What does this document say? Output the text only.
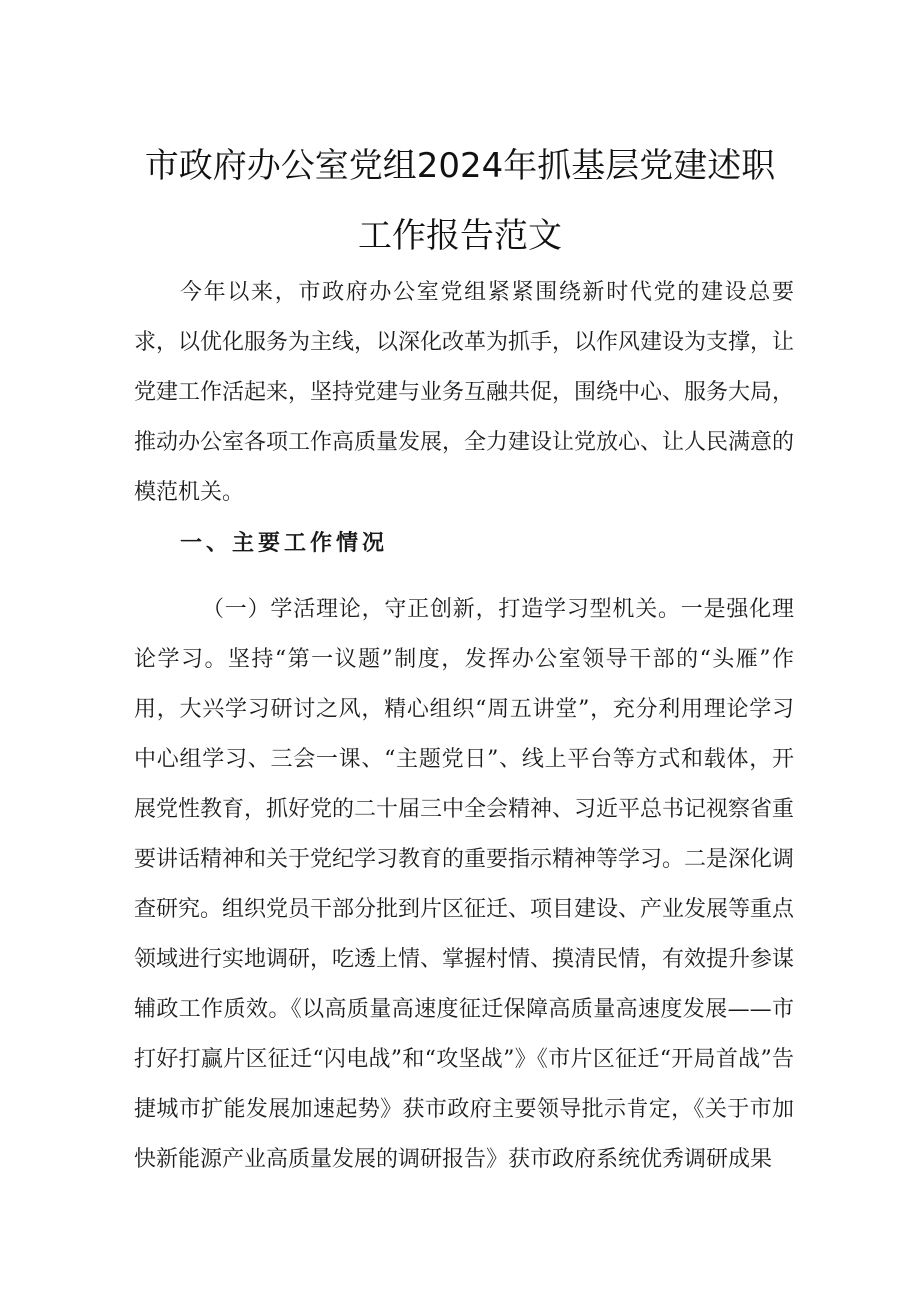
市政府办公室党组2024年抓基层党建述职
工作报告范文

今年以来，市政府办公室党组紧紧围绕新时代党的建设总要求，以优化服务为主线，以深化改革为抓手，以作风建设为支撑，让党建工作活起来，坚持党建与业务互融共促，围绕中心、服务大局，推动办公室各项工作高质量发展，全力建设让党放心、让人民满意的模范机关。

一、主要工作情况

（一）学活理论，守正创新，打造学习型机关。一是强化理论学习。坚持“第一议题”制度，发挥办公室领导干部的“头雁”作用，大兴学习研讨之风，精心组织“周五讲堂”，充分利用理论学习中心组学习、三会一课、“主题党日”、线上平台等方式和载体，开展党性教育，抓好党的二十届三中全会精神、习近平总书记视察省重要讲话精神和关于党纪学习教育的重要指示精神等学习。二是深化调查研究。组织党员干部分批到片区征迁、项目建设、产业发展等重点领域进行实地调研，吃透上情、掌握村情、摸清民情，有效提升参谋辅政工作质效。《以高质量高速度征迁保障高质量高速度发展——市打好打赢片区征迁“闪电战”和“攻坚战”》《市片区征迁“开局首战”告捷城市扩能发展加速起势》获市政府主要领导批示肯定，《关于市加快新能源产业高质量发展的调研报告》获市政府系统优秀调研成果
